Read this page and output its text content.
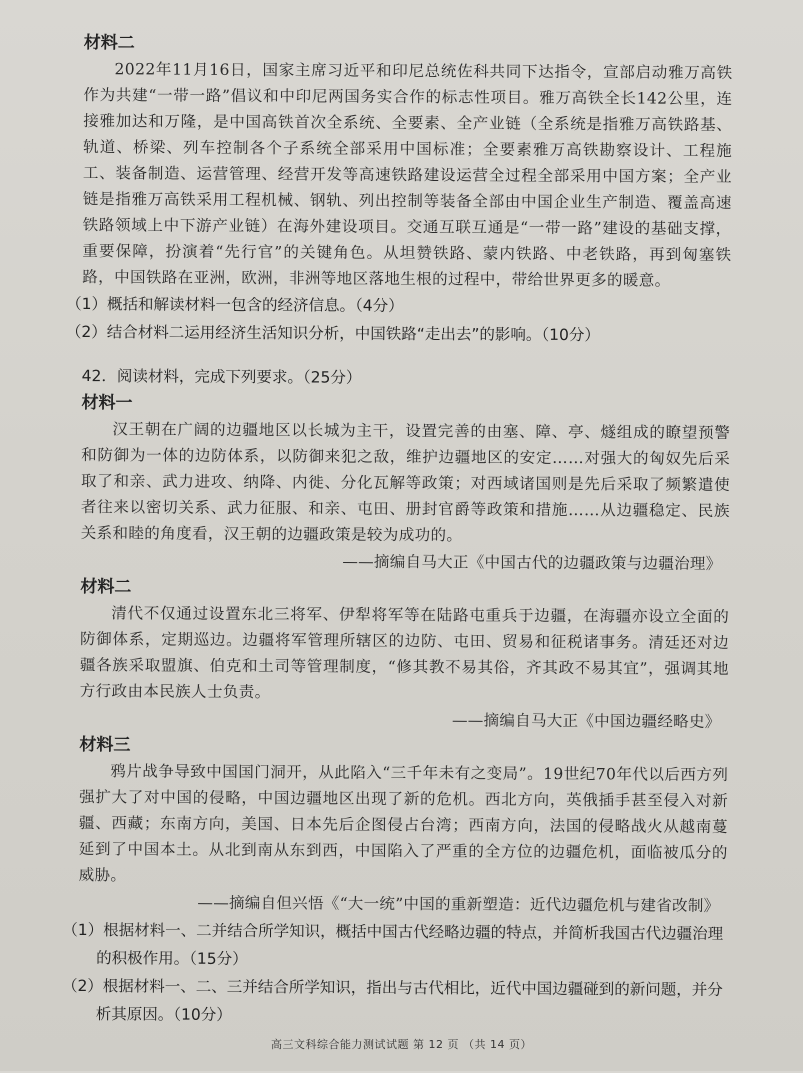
材料二

2022年11月16日，国家主席习近平和印尼总统佐科共同下达指令，宣部启动雅万高铁作为共建“一带一路”倡议和中印尼两国务实合作的标志性项目。雅万高铁全长142公里，连接雅加达和万隆，是中国高铁首次全系统、全要素、全产业链（全系统是指雅万高铁路基、轨道、桥梁、列车控制各个子系统全部采用中国标准；全要素雅万高铁勘察设计、工程施工、装备制造、运营管理、经营开发等高速铁路建设运营全过程全部采用中国方案；全产业链是指雅万高铁采用工程机械、钢轨、列出控制等装备全部由中国企业生产制造、覆盖高速铁路领域上中下游产业链）在海外建设项目。交通互联互通是“一带一路”建设的基础支撑，重要保障，扮演着“先行官”的关键角色。从坦赞铁路、蒙内铁路、中老铁路，再到匈塞铁路，中国铁路在亚洲，欧洲，非洲等地区落地生根的过程中，带给世界更多的暖意。

（1）概括和解读材料一包含的经济信息。（4分）

（2）结合材料二运用经济生活知识分析，中国铁路“走出去”的影响。（10分）

42．阅读材料，完成下列要求。（25分）

材料一

汉王朝在广阔的边疆地区以长城为主干，设置完善的由塞、障、亭、燧组成的瞭望预警和防御为一体的边防体系，以防御来犯之敌，维护边疆地区的安定……对强大的匈奴先后采取了和亲、武力进攻、纳降、内徙、分化瓦解等政策；对西域诸国则是先后采取了频繁遣使者往来以密切关系、武力征服、和亲、屯田、册封官爵等政策和措施……从边疆稳定、民族关系和睦的角度看，汉王朝的边疆政策是较为成功的。

——摘编自马大正《中国古代的边疆政策与边疆治理》

材料二

清代不仅通过设置东北三将军、伊犁将军等在陆路屯重兵于边疆，在海疆亦设立全面的防御体系，定期巡边。边疆将军管理所辖区的边防、屯田、贸易和征税诸事务。清廷还对边疆各族采取盟旗、伯克和土司等管理制度，“修其教不易其俗，齐其政不易其宜”，强调其地方行政由本民族人士负责。

——摘编自马大正《中国边疆经略史》

材料三

鸦片战争导致中国国门洞开，从此陷入“三千年未有之变局”。19世纪70年代以后西方列强扩大了对中国的侵略，中国边疆地区出现了新的危机。西北方向，英俄插手甚至侵入对新疆、西藏；东南方向，美国、日本先后企图侵占台湾；西南方向，法国的侵略战火从越南蔓延到了中国本土。从北到南从东到西，中国陷入了严重的全方位的边疆危机，面临被瓜分的威胁。

——摘编自但兴悟《“大一统”中国的重新塑造：近代边疆危机与建省改制》

（1）根据材料一、二并结合所学知识，概括中国古代经略边疆的特点，并简析我国古代边疆治理的积极作用。（15分）

（2）根据材料一、二、三并结合所学知识，指出与古代相比，近代中国边疆碰到的新问题，并分析其原因。（10分）

高三文科综合能力测试试题 第 12 页 （共 14 页）
